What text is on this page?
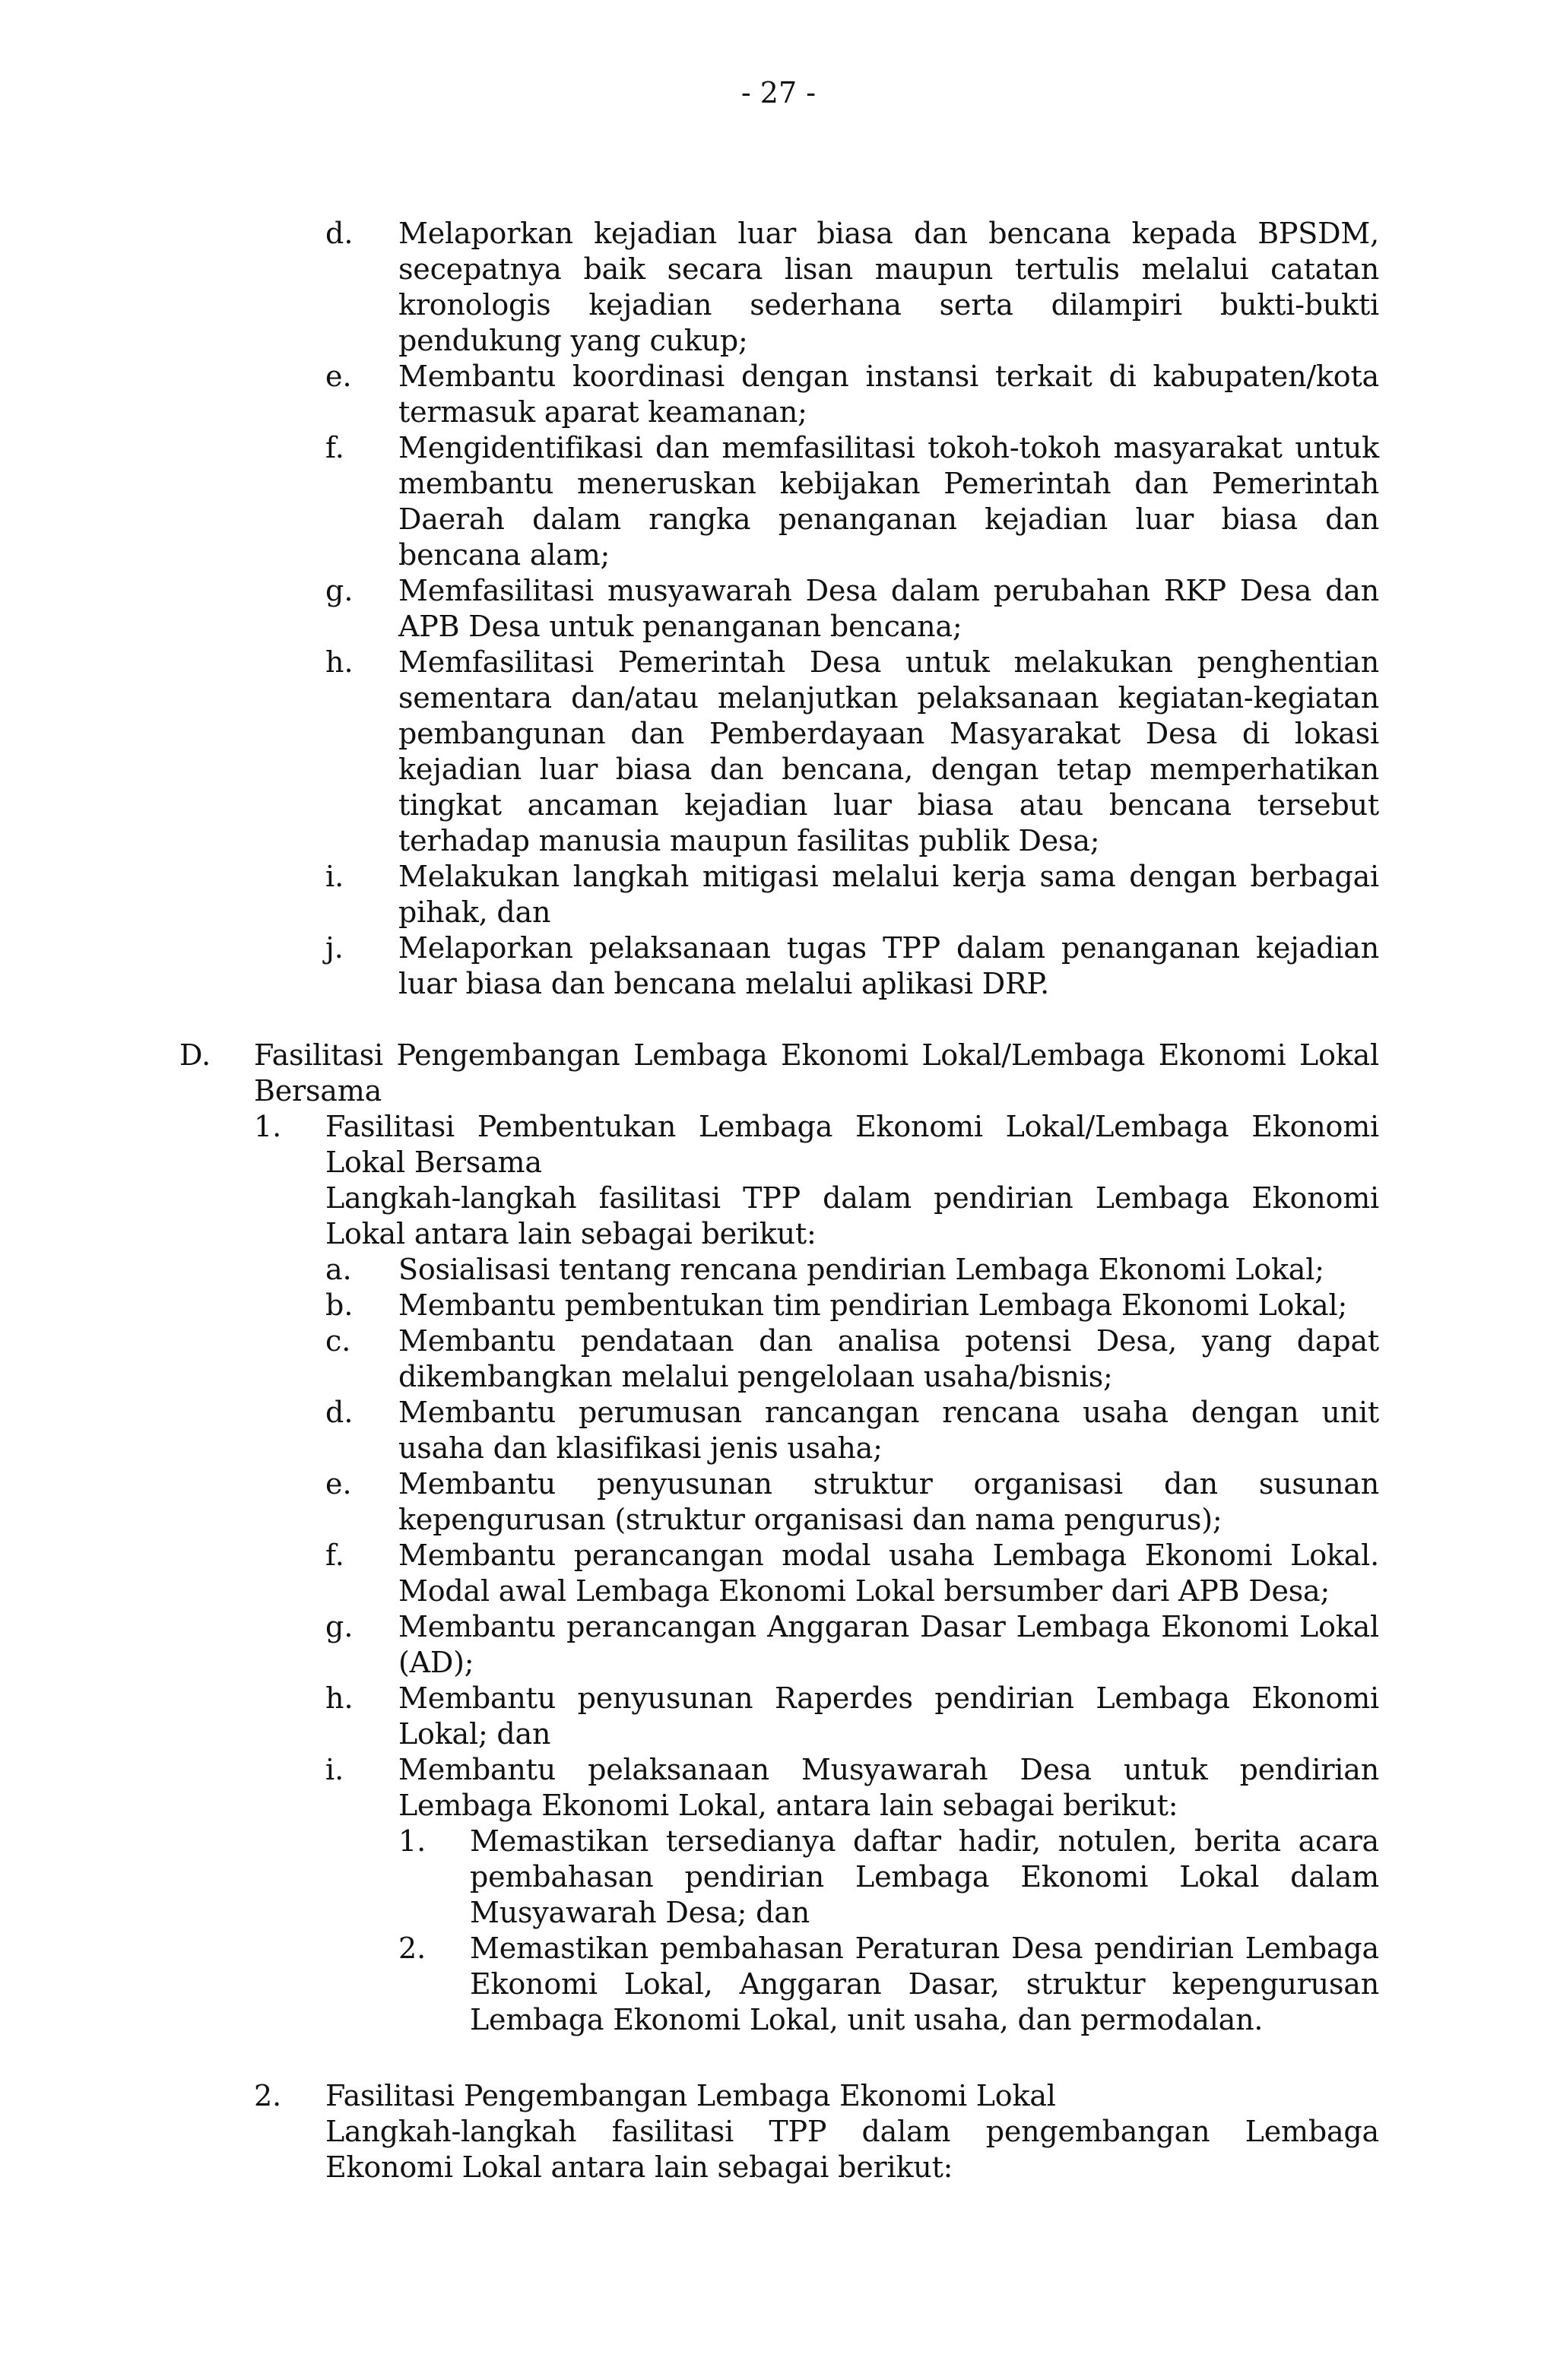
- 27 -
d.	Melaporkan kejadian luar biasa dan bencana kepada BPSDM, secepatnya baik secara lisan maupun tertulis melalui catatan kronologis kejadian sederhana serta dilampiri bukti-bukti pendukung yang cukup;
e.	Membantu koordinasi dengan instansi terkait di kabupaten/kota termasuk aparat keamanan;
f.	Mengidentifikasi dan memfasilitasi tokoh-tokoh masyarakat untuk membantu meneruskan kebijakan Pemerintah dan Pemerintah Daerah dalam rangka penanganan kejadian luar biasa dan bencana alam;
g.	Memfasilitasi musyawarah Desa dalam perubahan RKP Desa dan APB Desa untuk penanganan bencana;
h.	Memfasilitasi Pemerintah Desa untuk melakukan penghentian sementara dan/atau melanjutkan pelaksanaan kegiatan-kegiatan pembangunan dan Pemberdayaan Masyarakat Desa di lokasi kejadian luar biasa dan bencana, dengan tetap memperhatikan tingkat ancaman kejadian luar biasa atau bencana tersebut terhadap manusia maupun fasilitas publik Desa;
i.	Melakukan langkah mitigasi melalui kerja sama dengan berbagai pihak, dan
j.	Melaporkan pelaksanaan tugas TPP dalam penanganan kejadian luar biasa dan bencana melalui aplikasi DRP.
D.	Fasilitasi Pengembangan Lembaga Ekonomi Lokal/Lembaga Ekonomi Lokal Bersama
1.	Fasilitasi Pembentukan Lembaga Ekonomi Lokal/Lembaga Ekonomi Lokal Bersama
Langkah-langkah fasilitasi TPP dalam pendirian Lembaga Ekonomi Lokal antara lain sebagai berikut:
a.	Sosialisasi tentang rencana pendirian Lembaga Ekonomi Lokal;
b.	Membantu pembentukan tim pendirian Lembaga Ekonomi Lokal;
c.	Membantu pendataan dan analisa potensi Desa, yang dapat dikembangkan melalui pengelolaan usaha/bisnis;
d.	Membantu perumusan rancangan rencana usaha dengan unit usaha dan klasifikasi jenis usaha;
e.	Membantu penyusunan struktur organisasi dan susunan kepengurusan (struktur organisasi dan nama pengurus);
f.	Membantu perancangan modal usaha Lembaga Ekonomi Lokal. Modal awal Lembaga Ekonomi Lokal bersumber dari APB Desa;
g.	Membantu perancangan Anggaran Dasar Lembaga Ekonomi Lokal (AD);
h.	Membantu penyusunan Raperdes pendirian Lembaga Ekonomi Lokal; dan
i.	Membantu pelaksanaan Musyawarah Desa untuk pendirian Lembaga Ekonomi Lokal, antara lain sebagai berikut:
1.	Memastikan tersedianya daftar hadir, notulen, berita acara pembahasan pendirian Lembaga Ekonomi Lokal dalam Musyawarah Desa; dan
2.	Memastikan pembahasan Peraturan Desa pendirian Lembaga Ekonomi Lokal, Anggaran Dasar, struktur kepengurusan Lembaga Ekonomi Lokal, unit usaha, dan permodalan.
2.	Fasilitasi Pengembangan Lembaga Ekonomi Lokal
Langkah-langkah fasilitasi TPP dalam pengembangan Lembaga Ekonomi Lokal antara lain sebagai berikut:
